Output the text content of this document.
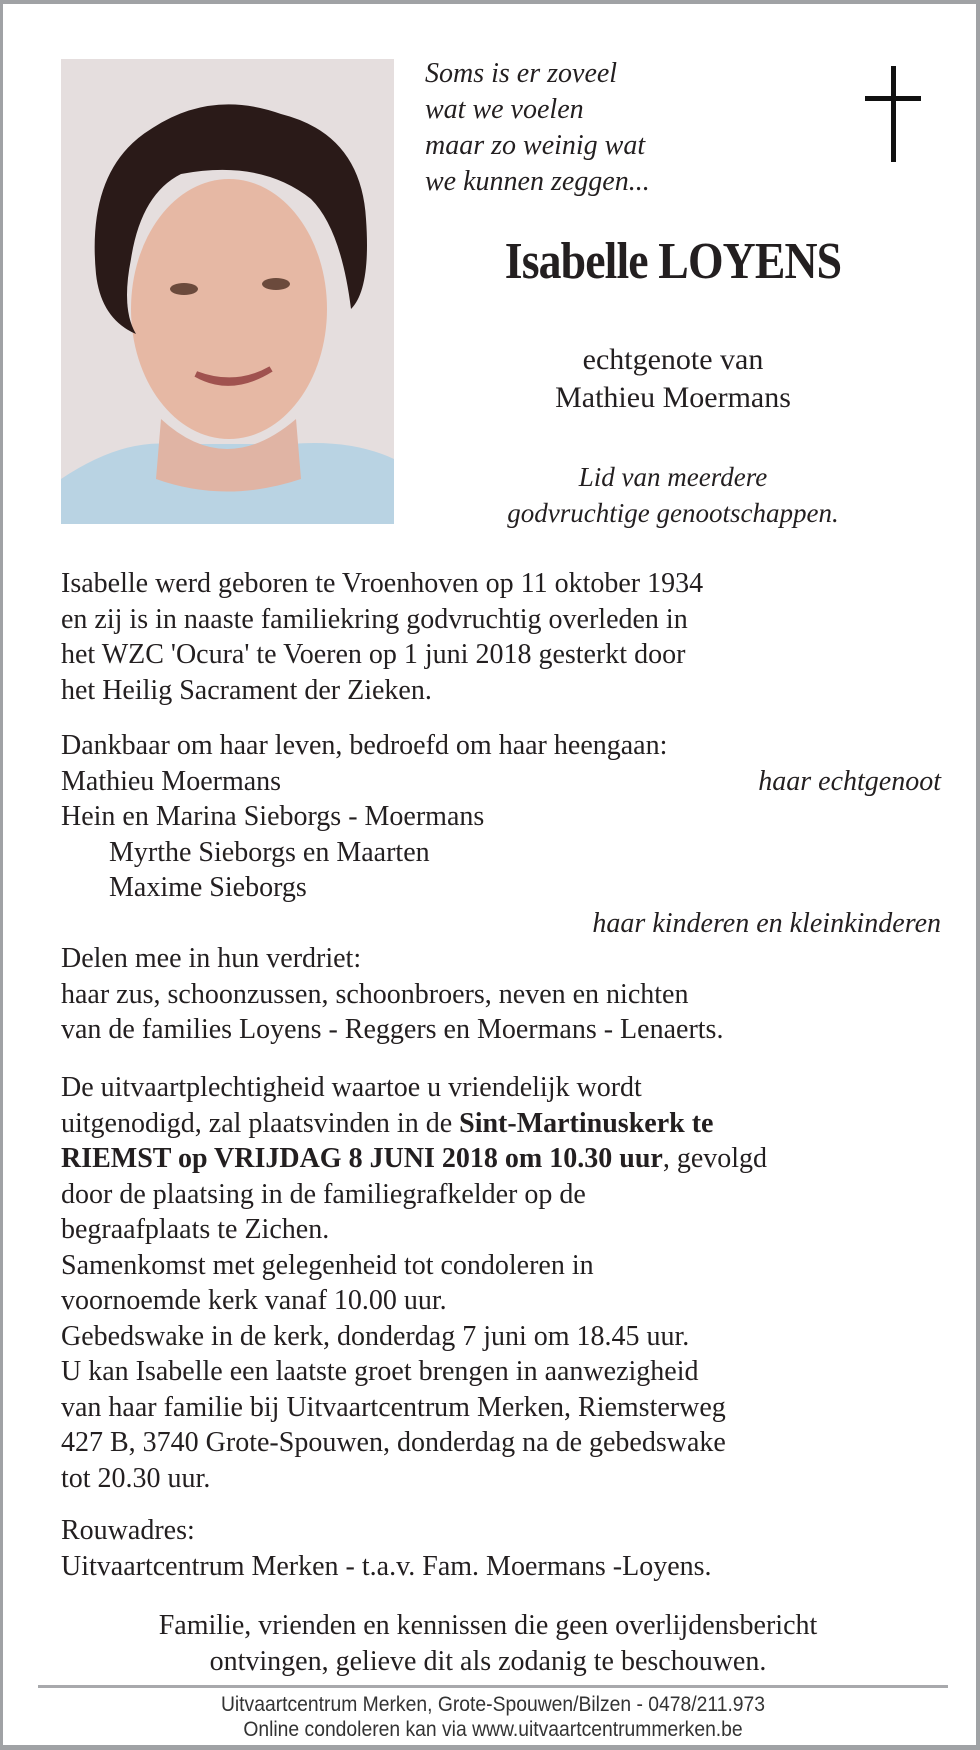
Soms is er zoveel
wat we voelen
maar zo weinig wat
we kunnen zeggen...
Isabelle LOYENS
echtgenote van
Mathieu Moermans
Lid van meerdere
godvruchtige genootschappen.

Isabelle werd geboren te Vroenhoven op 11 oktober 1934

en zij is in naaste familiekring godvruchtig overleden in

het WZC 'Ocura' te Voeren op 1 juni 2018 gesterkt door

het Heilig Sacrament der Zieken.

Dankbaar om haar leven, bedroefd om haar heengaan:

Mathieu Moermans	haar echtgenoot

Hein en Marina Sieborgs - Moermans

Myrthe Sieborgs en Maarten

Maxime Sieborgs

haar kinderen en kleinkinderen

Delen mee in hun verdriet:

haar zus, schoonzussen, schoonbroers, neven en nichten

van de families Loyens - Reggers en Moermans - Lenaerts.

De uitvaartplechtigheid waartoe u vriendelijk wordt

uitgenodigd, zal plaatsvinden in de Sint-Martinuskerk te

RIEMST op VRIJDAG 8 JUNI 2018 om 10.30 uur, gevolgd

door de plaatsing in de familiegrafkelder op de

begraafplaats te Zichen.

Samenkomst met gelegenheid tot condoleren in

voornoemde kerk vanaf 10.00 uur.

Gebedswake in de kerk, donderdag 7 juni om 18.45 uur.

U kan Isabelle een laatste groet brengen in aanwezigheid

van haar familie bij Uitvaartcentrum Merken, Riemsterweg

427 B, 3740 Grote-Spouwen, donderdag na de gebedswake

tot 20.30 uur.

Rouwadres:

Uitvaartcentrum Merken - t.a.v. Fam. Moermans -Loyens.

Familie, vrienden en kennissen die geen overlijdensbericht

ontvingen, gelieve dit als zodanig te beschouwen.

Uitvaartcentrum Merken, Grote-Spouwen/Bilzen - 0478/211.973
Online condoleren kan via www.uitvaartcentrummerken.be
